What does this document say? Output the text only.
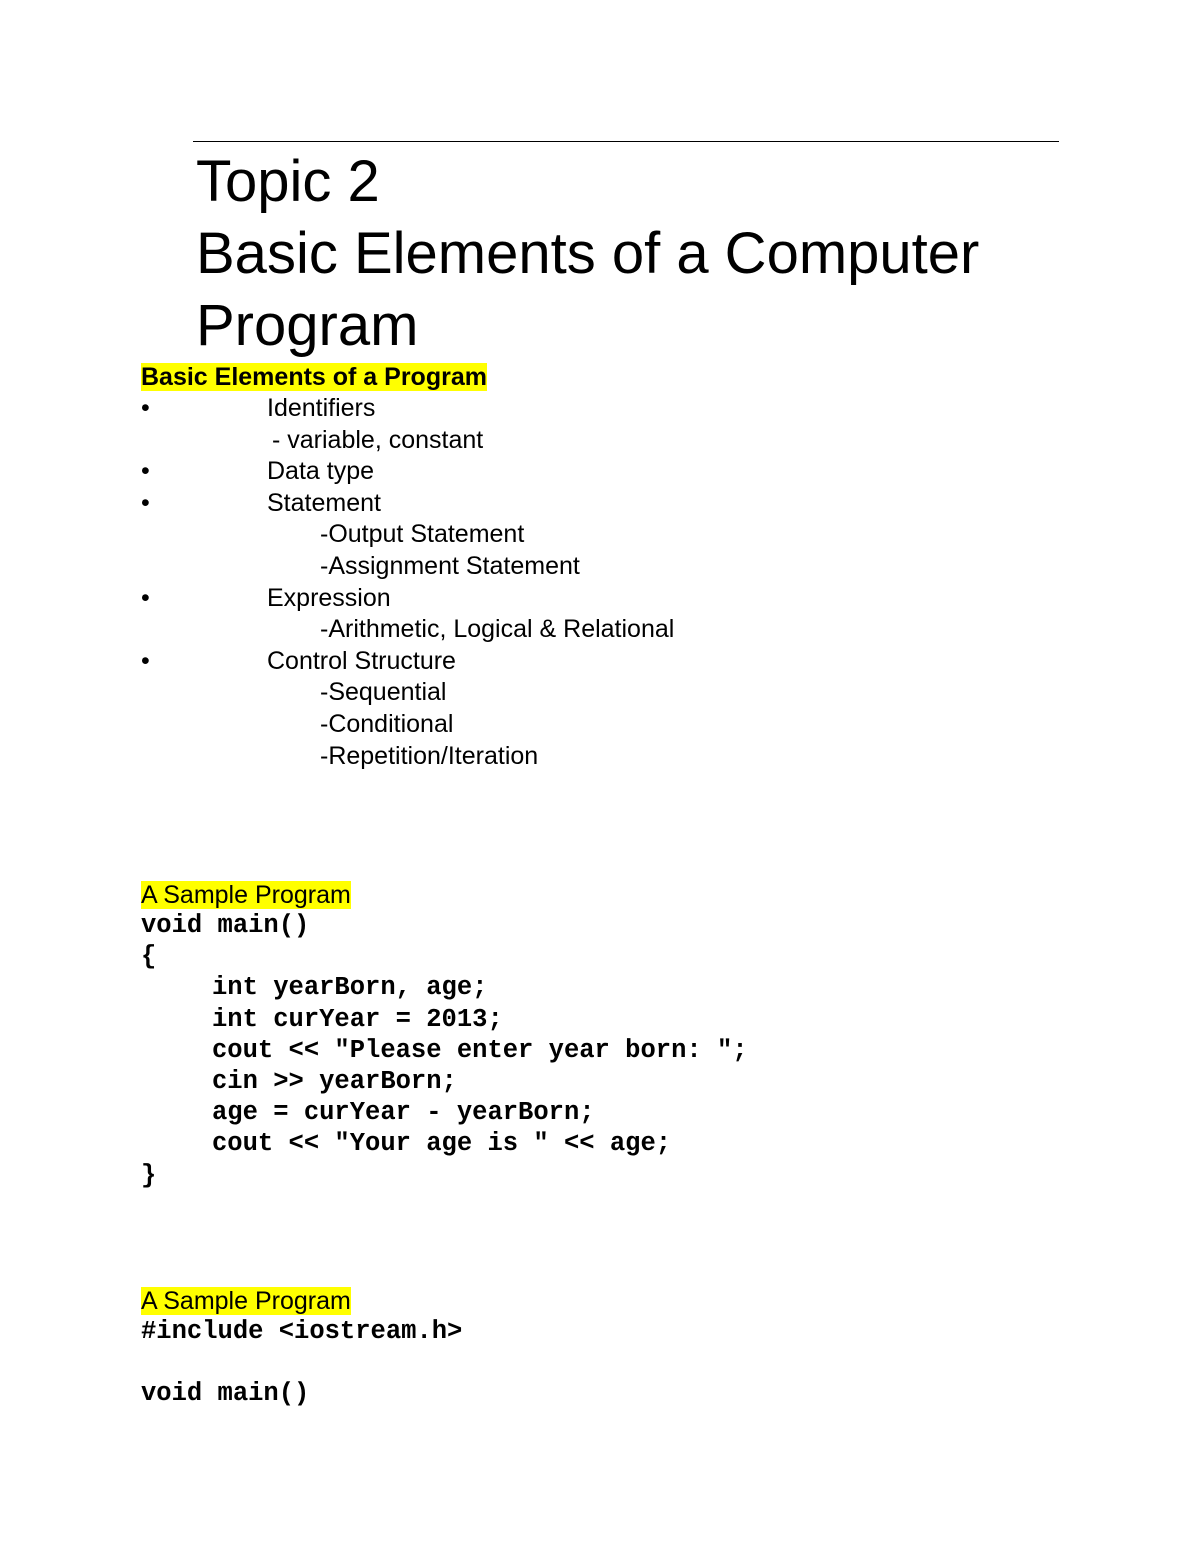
Topic 2
Basic Elements of a Computer
Program
Basic Elements of a Program
•	Identifiers
- variable, constant
•	Data type
•	Statement
-Output Statement
-Assignment Statement
•	Expression
-Arithmetic, Logical & Relational
•	Control Structure
-Sequential
-Conditional
-Repetition/Iteration
A Sample Program
void main()
{
int yearBorn, age;
int curYear = 2013;
cout << "Please enter year born: ";
cin >> yearBorn;
age = curYear - yearBorn;
cout << "Your age is " << age;
}
A Sample Program
#include <iostream.h>
void main()
